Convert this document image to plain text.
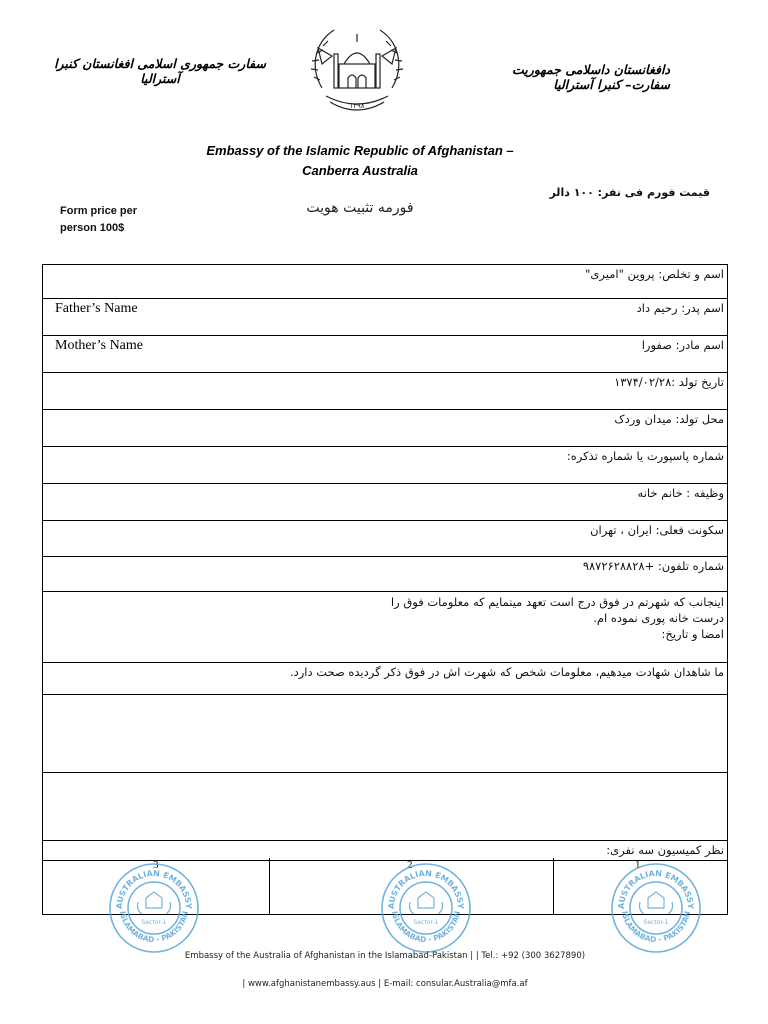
سفارت جمهوری اسلامی افغانستان کنبرا
آستراليا
۱۳۹۸
دافغانستان داسلامی جمهوريت
سفارت– کنبرا آستراليا
Embassy of the Islamic Republic of Afghanistan –
Canberra Australia
قیمت فورم فی نفر: ۱۰۰ دالر
Form price per
person 100$
فورمه تثبیت هویت
اسم و تخلص: پروین "امیری"
Father’s Name	اسم پدر: رحیم داد
Mother’s Name	اسم مادر: صفورا
تاریخ تولد :۱۳۷۴/۰۲/۲۸
محل تولد: میدان وردک
شماره پاسپورت یا شماره تذکره:
وظیفه : خانم خانه
سکونت فعلی: ایران ، تهران
شماره تلفون: +۹۸۷۲۶۲۸۸۲۸
اینجانب که شهرتم در فوق درج است تعهد مینمایم که معلومات فوق را
درست خانه پوری نموده ام.
امضا و تاریخ:
ما شاهدان شهادت میدهیم، معلومات شخص که شهرت اش در فوق ذکر گردیده صحت دارد.
نظر کمیسیون سه نفری:
3	2	1
AUSTRALIAN EMBASSY
ISLAMABAD - PAKISTAN
Sector-1
AUSTRALIAN EMBASSY
ISLAMABAD - PAKISTAN
Sector-1
AUSTRALIAN EMBASSY
ISLAMABAD - PAKISTAN
Sector-1
Embassy of the Australia of Afghanistan in the Islamabad-Pakistan | | Tel.: +92 (300 3627890)
| www.afghanistanembassy.aus | E-mail: consular.Australia@mfa.af
